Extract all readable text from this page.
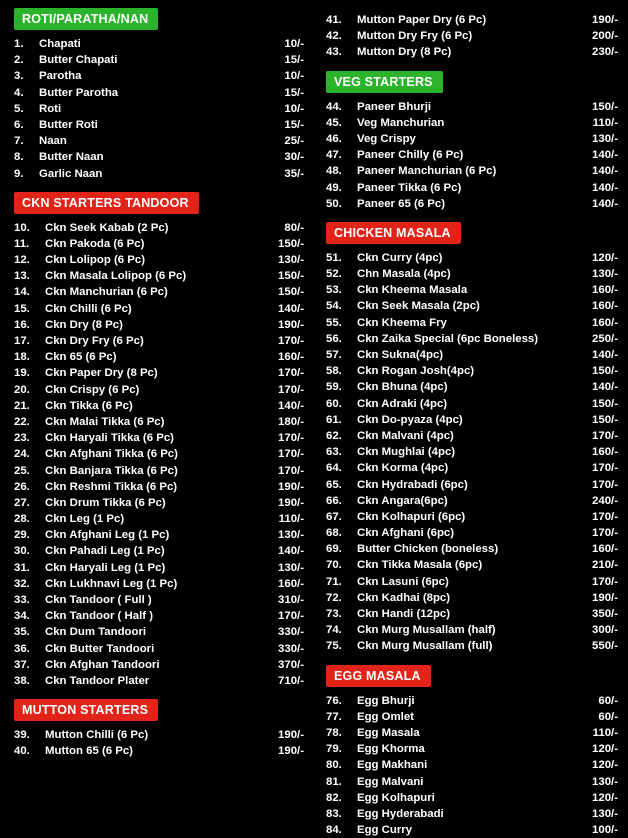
ROTI/PARATHA/NAN
1.	Chapati	10/-
2.	Butter Chapati	15/-
3.	Parotha	10/-
4.	Butter Parotha	15/-
5.	Roti	10/-
6.	Butter Roti	15/-
7.	Naan	25/-
8.	Butter Naan	30/-
9.	Garlic Naan	35/-
CKN STARTERS TANDOOR
10.	Ckn Seek Kabab (2 Pc)	80/-
11.	Ckn Pakoda (6 Pc)	150/-
12.	Ckn Lolipop (6 Pc)	130/-
13.	Ckn Masala Lolipop (6 Pc)	150/-
14.	Ckn Manchurian (6 Pc)	150/-
15.	Ckn Chilli (6 Pc)	140/-
16.	Ckn Dry (8 Pc)	190/-
17.	Ckn Dry Fry (6 Pc)	170/-
18.	Ckn 65 (6 Pc)	160/-
19.	Ckn Paper Dry (8 Pc)	170/-
20.	Ckn Crispy (6 Pc)	170/-
21.	Ckn Tikka (6 Pc)	140/-
22.	Ckn Malai Tikka (6 Pc)	180/-
23.	Ckn Haryali Tikka (6 Pc)	170/-
24.	Ckn Afghani Tikka (6 Pc)	170/-
25.	Ckn Banjara Tikka (6 Pc)	170/-
26.	Ckn Reshmi Tikka (6 Pc)	190/-
27.	Ckn Drum Tikka (6 Pc)	190/-
28.	Ckn Leg (1 Pc)	110/-
29.	Ckn Afghani Leg (1 Pc)	130/-
30.	Ckn Pahadi Leg (1 Pc)	140/-
31.	Ckn Haryali Leg (1 Pc)	130/-
32.	Ckn Lukhnavi Leg (1 Pc)	160/-
33.	Ckn Tandoor ( Full )	310/-
34.	Ckn Tandoor ( Half )	170/-
35.	Ckn Dum Tandoori	330/-
36.	Ckn Butter Tandoori	330/-
37.	Ckn Afghan Tandoori	370/-
38.	Ckn Tandoor Plater	710/-
MUTTON STARTERS
39.	Mutton Chilli (6 Pc)	190/-
40.	Mutton 65 (6 Pc)	190/-
41.	Mutton Paper Dry (6 Pc)	190/-
42.	Mutton Dry Fry (6 Pc)	200/-
43.	Mutton Dry (8 Pc)	230/-
VEG STARTERS
44.	Paneer Bhurji	150/-
45.	Veg Manchurian	110/-
46.	Veg Crispy	130/-
47.	Paneer Chilly (6 Pc)	140/-
48.	Paneer Manchurian (6 Pc)	140/-
49.	Paneer Tikka (6 Pc)	140/-
50.	Paneer 65 (6 Pc)	140/-
CHICKEN MASALA
51.	Ckn Curry (4pc)	120/-
52.	Chn Masala (4pc)	130/-
53.	Ckn Kheema Masala	160/-
54.	Ckn Seek Masala (2pc)	160/-
55.	Ckn Kheema Fry	160/-
56.	Ckn Zaika Special (6pc Boneless)	250/-
57.	Ckn Sukna(4pc)	140/-
58.	Ckn Rogan Josh(4pc)	150/-
59.	Ckn Bhuna (4pc)	140/-
60.	Ckn Adraki (4pc)	150/-
61.	Ckn Do-pyaza (4pc)	150/-
62.	Ckn Malvani (4pc)	170/-
63.	Ckn Mughlai (4pc)	160/-
64.	Ckn Korma (4pc)	170/-
65.	Ckn Hydrabadi (6pc)	170/-
66.	Ckn Angara(6pc)	240/-
67.	Ckn Kolhapuri (6pc)	170/-
68.	Ckn Afghani (6pc)	170/-
69.	Butter Chicken (boneless)	160/-
70.	Ckn Tikka Masala (6pc)	210/-
71.	Ckn Lasuni (6pc)	170/-
72.	Ckn Kadhai (8pc)	190/-
73.	Ckn Handi (12pc)	350/-
74.	Ckn Murg Musallam (half)	300/-
75.	Ckn Murg Musallam (full)	550/-
EGG MASALA
76.	Egg Bhurji	60/-
77.	Egg Omlet	60/-
78.	Egg Masala	110/-
79.	Egg Khorma	120/-
80.	Egg Makhani	120/-
81.	Egg Malvani	130/-
82.	Egg Kolhapuri	120/-
83.	Egg Hyderabadi	130/-
84.	Egg Curry	100/-
